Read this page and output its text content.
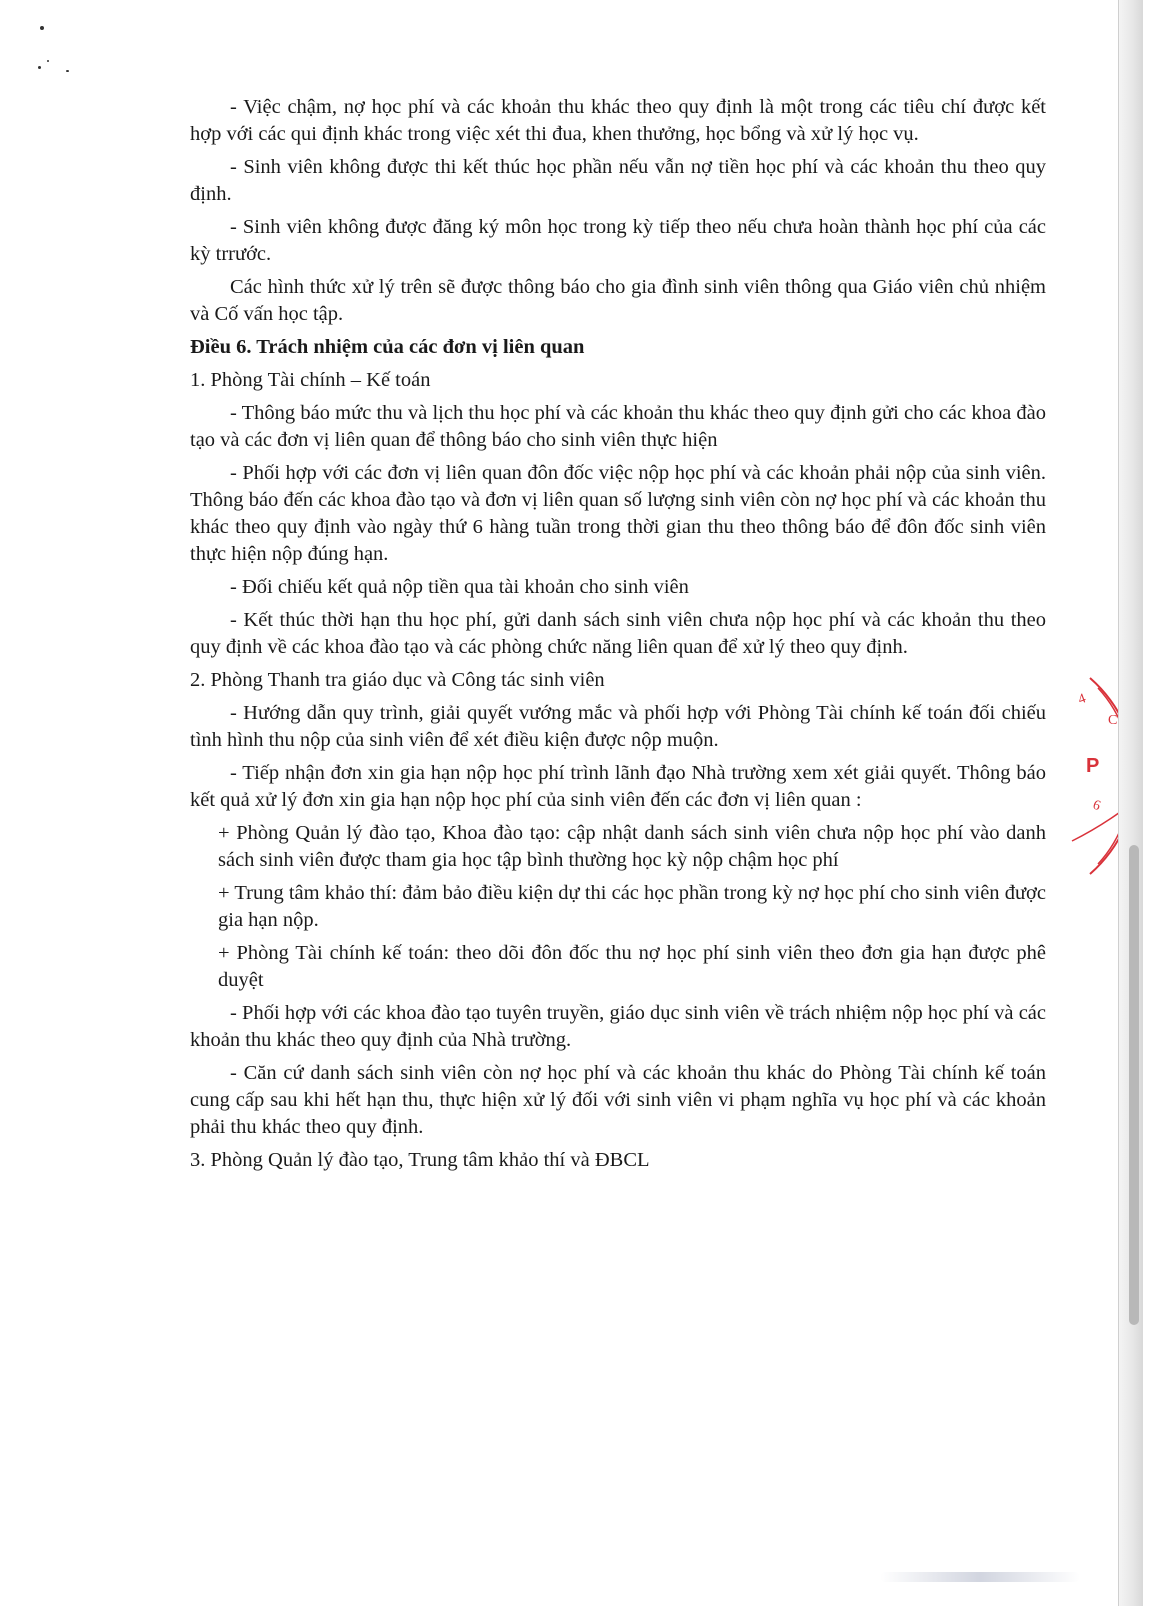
- Việc chậm, nợ học phí và các khoản thu khác theo quy định là một trong các tiêu chí được kết hợp với các qui định khác trong việc xét thi đua, khen thưởng, học bổng và xử lý học vụ.

- Sinh viên không được thi kết thúc học phần nếu vẫn nợ tiền học phí và các khoản thu theo quy định.

- Sinh viên không được đăng ký môn học trong kỳ tiếp theo nếu chưa hoàn thành học phí của các kỳ trrước.

Các hình thức xử lý trên sẽ được thông báo cho gia đình sinh viên thông qua Giáo viên chủ nhiệm và Cố vấn học tập.

Điều 6. Trách nhiệm của các đơn vị liên quan

1. Phòng Tài chính – Kế toán

- Thông báo mức thu và lịch thu học phí và các khoản thu khác theo quy định gửi cho các khoa đào tạo và các đơn vị liên quan để thông báo cho sinh viên thực hiện

- Phối hợp với các đơn vị liên quan đôn đốc việc nộp học phí và các khoản phải nộp của sinh viên. Thông báo đến các khoa đào tạo và đơn vị liên quan số lượng sinh viên còn nợ học phí và các khoản thu khác theo quy định vào ngày thứ 6 hàng tuần trong thời gian thu theo thông báo để đôn đốc sinh viên thực hiện nộp đúng hạn.

- Đối chiếu kết quả nộp tiền qua tài khoản cho sinh viên

- Kết thúc thời hạn thu học phí, gửi danh sách sinh viên chưa nộp học phí và các khoản thu theo quy định về các khoa đào tạo và các phòng chức năng liên quan để xử lý theo quy định.

2. Phòng Thanh tra giáo dục và Công tác sinh viên

- Hướng dẫn quy trình, giải quyết vướng mắc và phối hợp với Phòng Tài chính kế toán đối chiếu tình hình thu nộp của sinh viên để xét điều kiện được nộp muộn.

- Tiếp nhận đơn xin gia hạn nộp học phí trình lãnh đạo Nhà trường xem xét giải quyết. Thông báo kết quả xử lý đơn xin gia hạn nộp học phí của sinh viên đến các đơn vị liên quan :

+ Phòng Quản lý đào tạo, Khoa đào tạo: cập nhật danh sách sinh viên chưa nộp học phí vào danh sách sinh viên được tham gia học tập bình thường học kỳ nộp chậm học phí

+ Trung tâm khảo thí: đảm bảo điều kiện dự thi các học phần trong kỳ nợ học phí cho sinh viên được gia hạn nộp.

+ Phòng Tài chính kế toán: theo dõi đôn đốc thu nợ học phí sinh viên theo đơn gia hạn được phê duyệt

- Phối hợp với các khoa đào tạo tuyên truyền, giáo dục sinh viên về trách nhiệm nộp học phí và các khoản thu khác theo quy định của Nhà trường.

- Căn cứ danh sách sinh viên còn nợ học phí và các khoản thu khác do Phòng Tài chính kế toán cung cấp sau khi hết hạn thu, thực hiện xử lý đối với sinh viên vi phạm nghĩa vụ học phí và các khoản phải thu khác theo quy định.

3. Phòng Quản lý đào tạo, Trung tâm khảo thí và ĐBCL

4
C
P
6
